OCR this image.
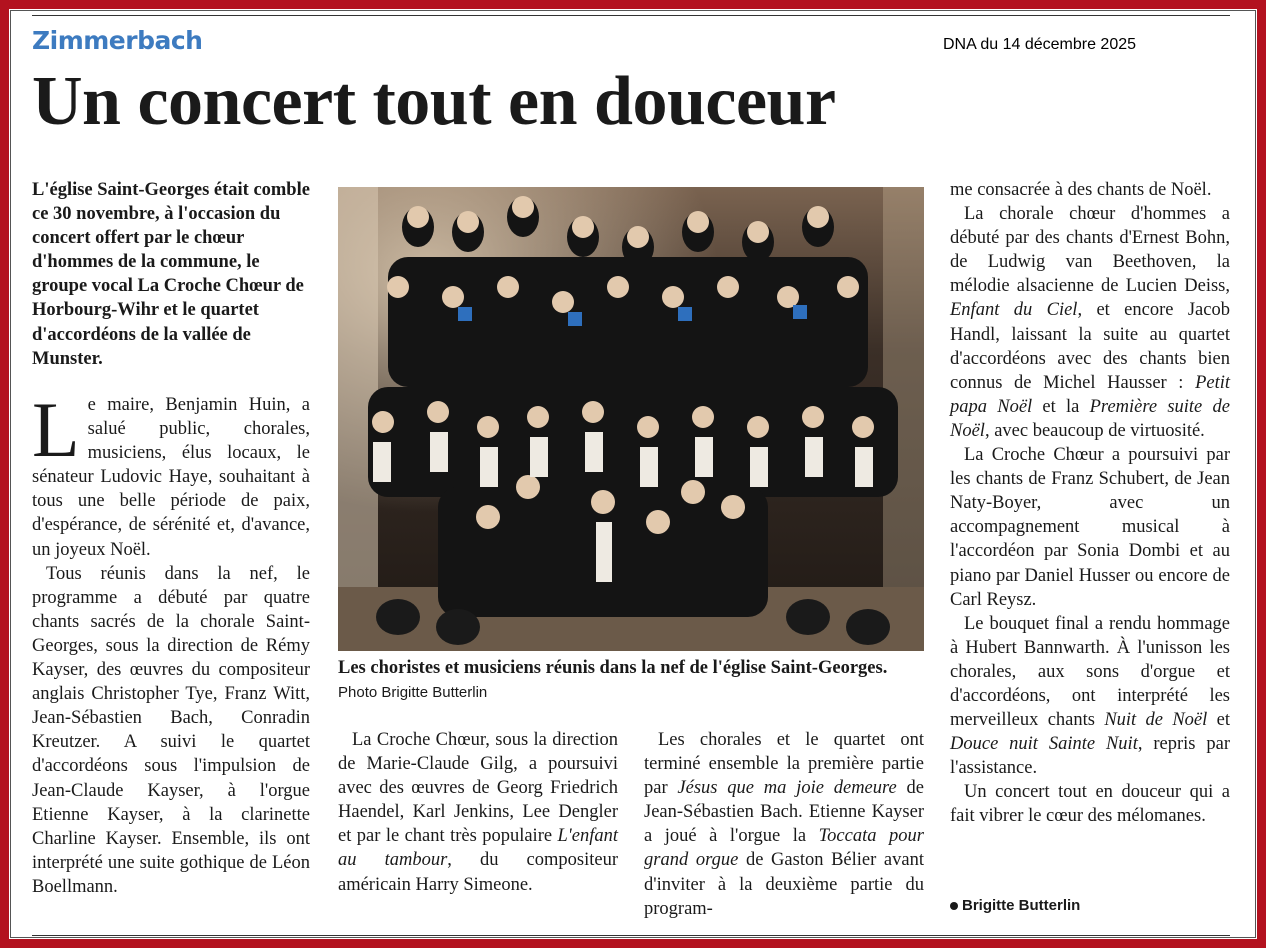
Zimmerbach	DNA du 14 décembre 2025
Un concert tout en douceur
L'église Saint-Georges était comble ce 30 novembre, à l'occasion du concert offert par le chœur d'hommes de la commune, le groupe vocal La Croche Chœur de Horbourg-Wihr et le quartet d'accordéons de la vallée de Munster.

Le maire, Benjamin Huin, a salué public, chorales, musiciens, élus locaux, le sénateur Ludovic Haye, souhaitant à tous une belle période de paix, d'espérance, de sérénité et, d'avance, un joyeux Noël.

Tous réunis dans la nef, le programme a débuté par quatre chants sacrés de la chorale Saint-Georges, sous la direction de Rémy Kayser, des œuvres du compositeur anglais Christopher Tye, Franz Witt, Jean-Sébastien Bach, Conradin Kreutzer. A suivi le quartet d'accordéons sous l'impulsion de Jean-Claude Kayser, à l'orgue Etienne Kayser, à la clarinette Charline Kayser. Ensemble, ils ont interprété une suite gothique de Léon Boellmann.

Les choristes et musiciens réunis dans la nef de l'église Saint-Georges. Photo Brigitte Butterlin

La Croche Chœur, sous la direction de Marie-Claude Gilg, a poursuivi avec des œuvres de Georg Friedrich Haendel, Karl Jenkins, Lee Dengler et par le chant très populaire L'enfant au tambour, du compositeur américain Harry Simeone.

Les chorales et le quartet ont terminé ensemble la première partie par Jésus que ma joie demeure de Jean-Sébastien Bach. Etienne Kayser a joué à l'orgue la Toccata pour grand orgue de Gaston Bélier avant d'inviter à la deuxième partie du program-

me consacrée à des chants de Noël.

La chorale chœur d'hommes a débuté par des chants d'Ernest Bohn, de Ludwig van Beethoven, la mélodie alsacienne de Lucien Deiss, Enfant du Ciel, et encore Jacob Handl, laissant la suite au quartet d'accordéons avec des chants bien connus de Michel Hausser : Petit papa Noël et la Première suite de Noël, avec beaucoup de virtuosité.

La Croche Chœur a poursuivi par les chants de Franz Schubert, de Jean Naty-Boyer, avec un accompagnement musical à l'accordéon par Sonia Dombi et au piano par Daniel Husser ou encore de Carl Reysz.

Le bouquet final a rendu hommage à Hubert Bannwarth. À l'unisson les chorales, aux sons d'orgue et d'accordéons, ont interprété les merveilleux chants Nuit de Noël et Douce nuit Sainte Nuit, repris par l'assistance.

Un concert tout en douceur qui a fait vibrer le cœur des mélomanes.

Brigitte Butterlin
